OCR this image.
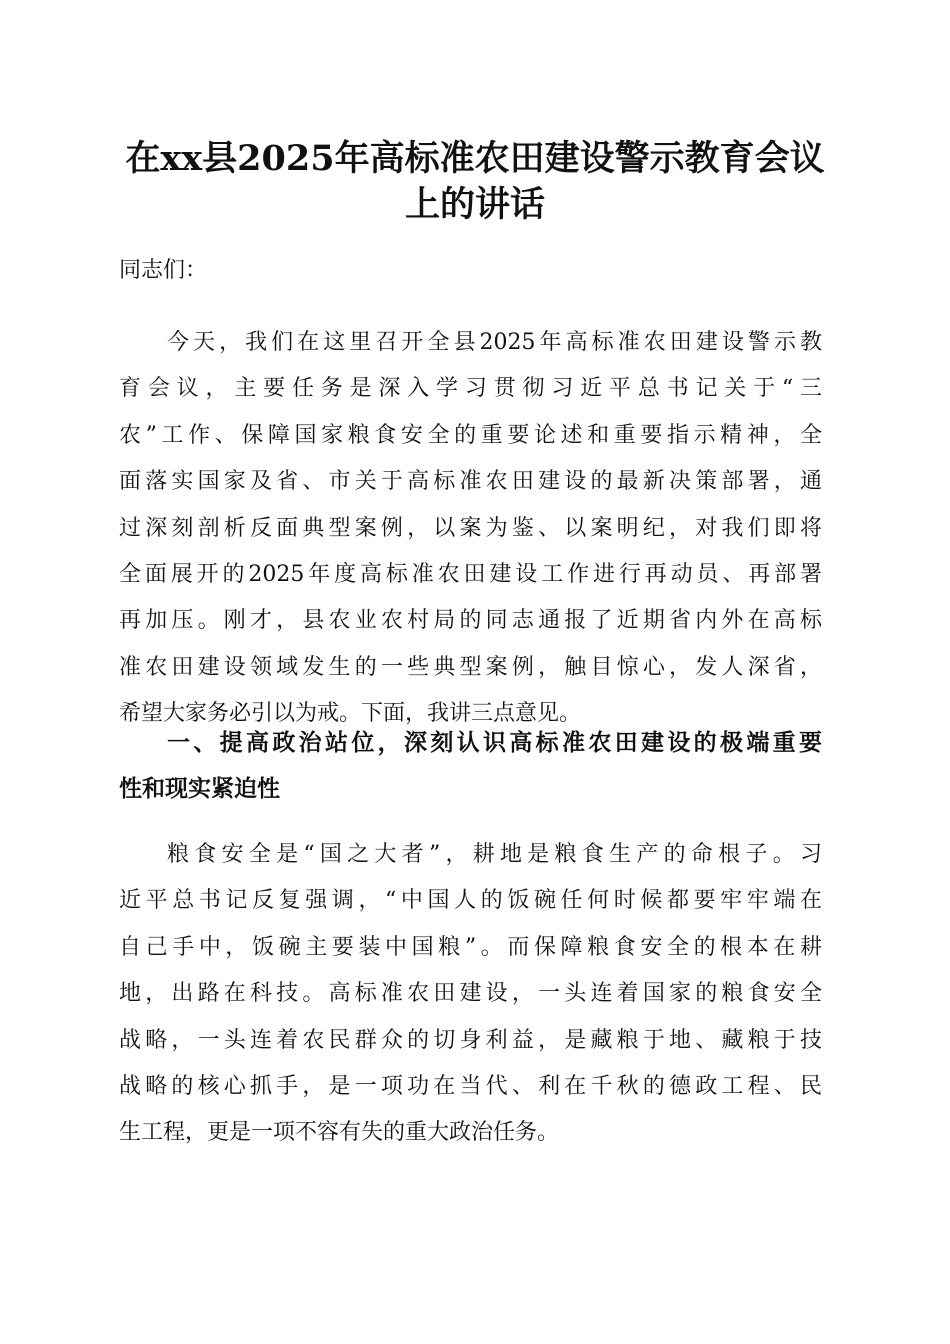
在xx县2025年高标准农田建设警示教育会议
上的讲话
同志们：
今天，我们在这里召开全县2025年高标准农田建设警示教
育会议，主要任务是深入学习贯彻习近平总书记关于“三
农”工作、保障国家粮食安全的重要论述和重要指示精神，全
面落实国家及省、市关于高标准农田建设的最新决策部署，通
过深刻剖析反面典型案例，以案为鉴、以案明纪，对我们即将
全面展开的2025年度高标准农田建设工作进行再动员、再部署
再加压。刚才，县农业农村局的同志通报了近期省内外在高标
准农田建设领域发生的一些典型案例，触目惊心，发人深省，
希望大家务必引以为戒。下面，我讲三点意见。
一、提高政治站位，深刻认识高标准农田建设的极端重要
性和现实紧迫性
粮食安全是“国之大者”，耕地是粮食生产的命根子。习
近平总书记反复强调，“中国人的饭碗任何时候都要牢牢端在
自己手中，饭碗主要装中国粮”。而保障粮食安全的根本在耕
地，出路在科技。高标准农田建设，一头连着国家的粮食安全
战略，一头连着农民群众的切身利益，是藏粮于地、藏粮于技
战略的核心抓手，是一项功在当代、利在千秋的德政工程、民
生工程，更是一项不容有失的重大政治任务。
